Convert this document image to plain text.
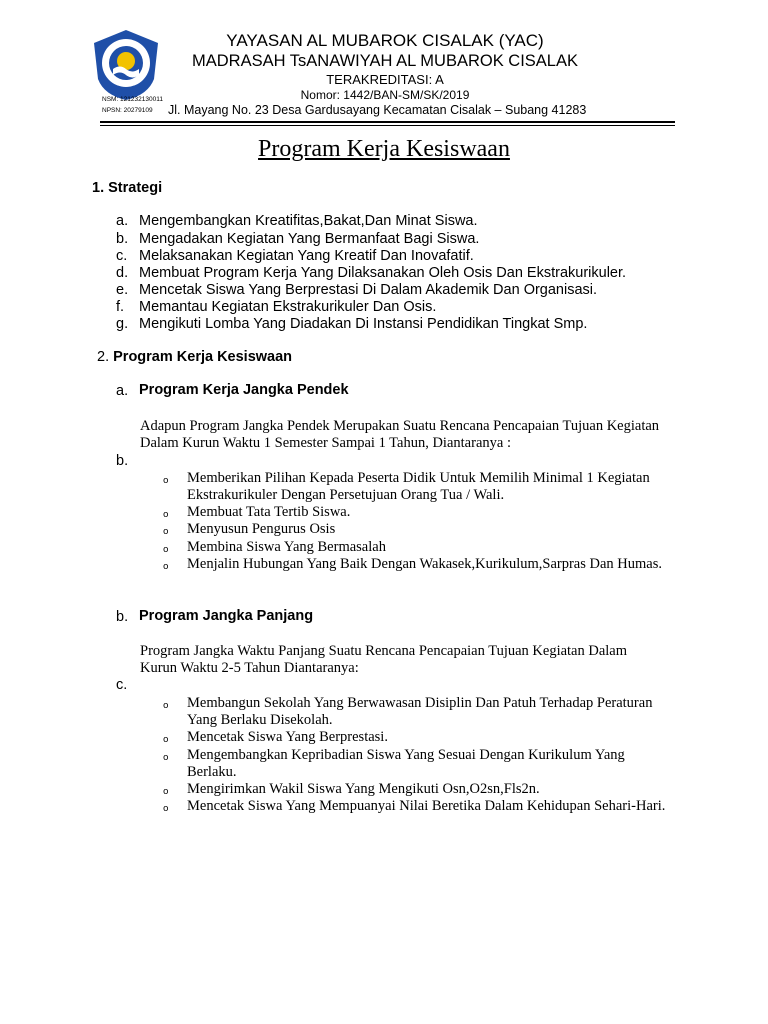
NSM: 121232130011
NPSN: 20279109
YAYASAN AL MUBAROK CISALAK (YAC)
MADRASAH TsANAWIYAH AL MUBAROK CISALAK
TERAKREDITASI: A
Nomor: 1442/BAN-SM/SK/2019
Jl. Mayang No. 23 Desa Gardusayang Kecamatan Cisalak – Subang 41283
Program Kerja Kesiswaan
1. Strategi
a. Mengembangkan Kreatifitas,Bakat,Dan Minat Siswa.
b. Mengadakan Kegiatan Yang Bermanfaat Bagi Siswa.
c. Melaksanakan Kegiatan Yang Kreatif Dan Inovafatif.
d. Membuat Program Kerja Yang Dilaksanakan Oleh Osis Dan Ekstrakurikuler.
e. Mencetak Siswa Yang Berprestasi Di Dalam Akademik Dan Organisasi.
f. Memantau Kegiatan Ekstrakurikuler Dan Osis.
g. Mengikuti Lomba Yang Diadakan Di Instansi Pendidikan Tingkat Smp.
2. Program Kerja Kesiswaan
a. Program Kerja Jangka Pendek
Adapun Program Jangka Pendek Merupakan Suatu Rencana Pencapaian Tujuan Kegiatan
Dalam Kurun Waktu 1 Semester Sampai 1 Tahun, Diantaranya :
b.
o Memberikan Pilihan Kepada Peserta Didik Untuk Memilih Minimal 1 Kegiatan
Ekstrakurikuler Dengan Persetujuan Orang Tua / Wali.
o Membuat Tata Tertib Siswa.
o Menyusun Pengurus Osis
o Membina Siswa Yang Bermasalah
o Menjalin Hubungan Yang Baik Dengan Wakasek,Kurikulum,Sarpras Dan Humas.
b. Program Jangka Panjang
Program Jangka Waktu Panjang Suatu Rencana Pencapaian Tujuan Kegiatan Dalam
Kurun Waktu 2-5 Tahun Diantaranya:
c.
o Membangun Sekolah Yang Berwawasan Disiplin Dan Patuh Terhadap Peraturan
Yang Berlaku Disekolah.
o Mencetak Siswa Yang Berprestasi.
o Mengembangkan Kepribadian Siswa Yang Sesuai Dengan Kurikulum Yang
Berlaku.
o Mengirimkan Wakil Siswa Yang Mengikuti Osn,O2sn,Fls2n.
o Mencetak Siswa Yang Mempuanyai Nilai Beretika Dalam Kehidupan Sehari-Hari.
